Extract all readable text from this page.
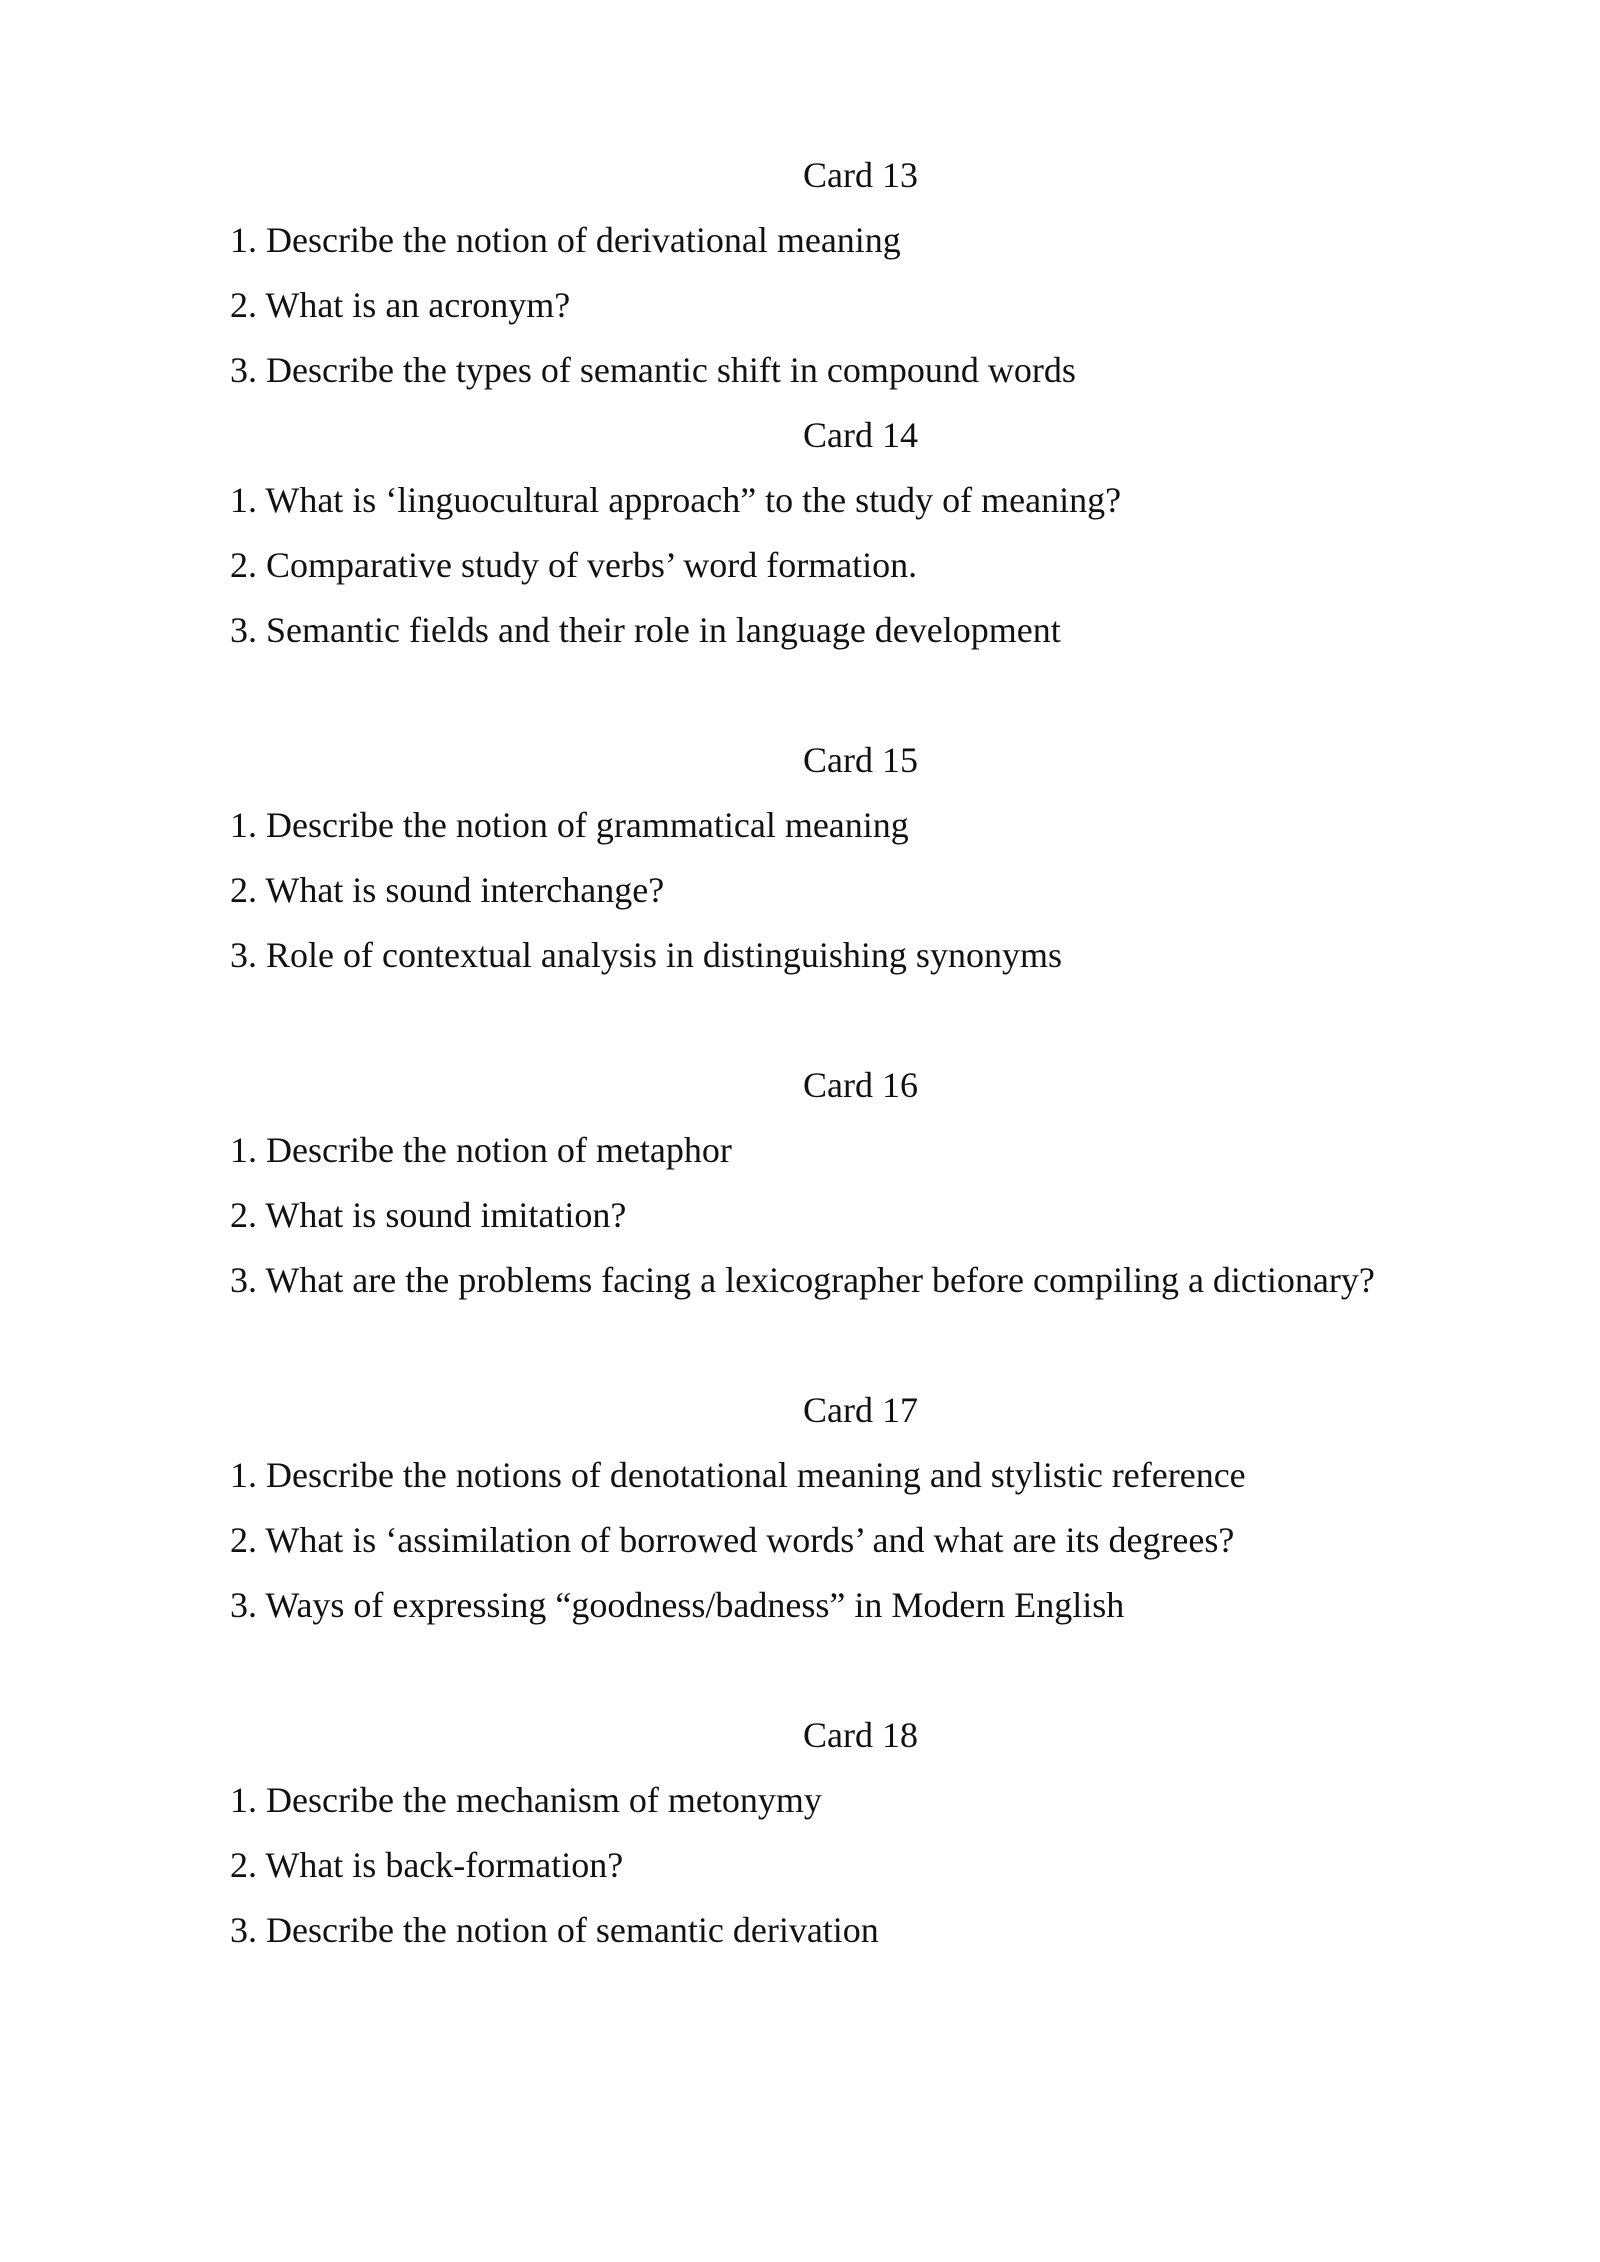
Card 13
1. Describe the notion of derivational meaning
2. What is an acronym?
3. Describe the types of semantic shift in compound words
Card 14
1. What is ‘linguocultural approach” to the study of meaning?
2. Comparative study of verbs’ word formation.
3. Semantic fields and their role in language development
Card 15
1. Describe the notion of grammatical meaning
2. What is sound interchange?
3. Role of contextual analysis in distinguishing synonyms
Card 16
1. Describe the notion of metaphor
2. What is sound imitation?
3. What are the problems facing a lexicographer before compiling a dictionary?
Card 17
1. Describe the notions of denotational meaning and stylistic reference
2. What is ‘assimilation of borrowed words’ and what are its degrees?
3. Ways of expressing “goodness/badness” in Modern English
Card 18
1. Describe the mechanism of metonymy
2. What is back-formation?
3. Describe the notion of semantic derivation
